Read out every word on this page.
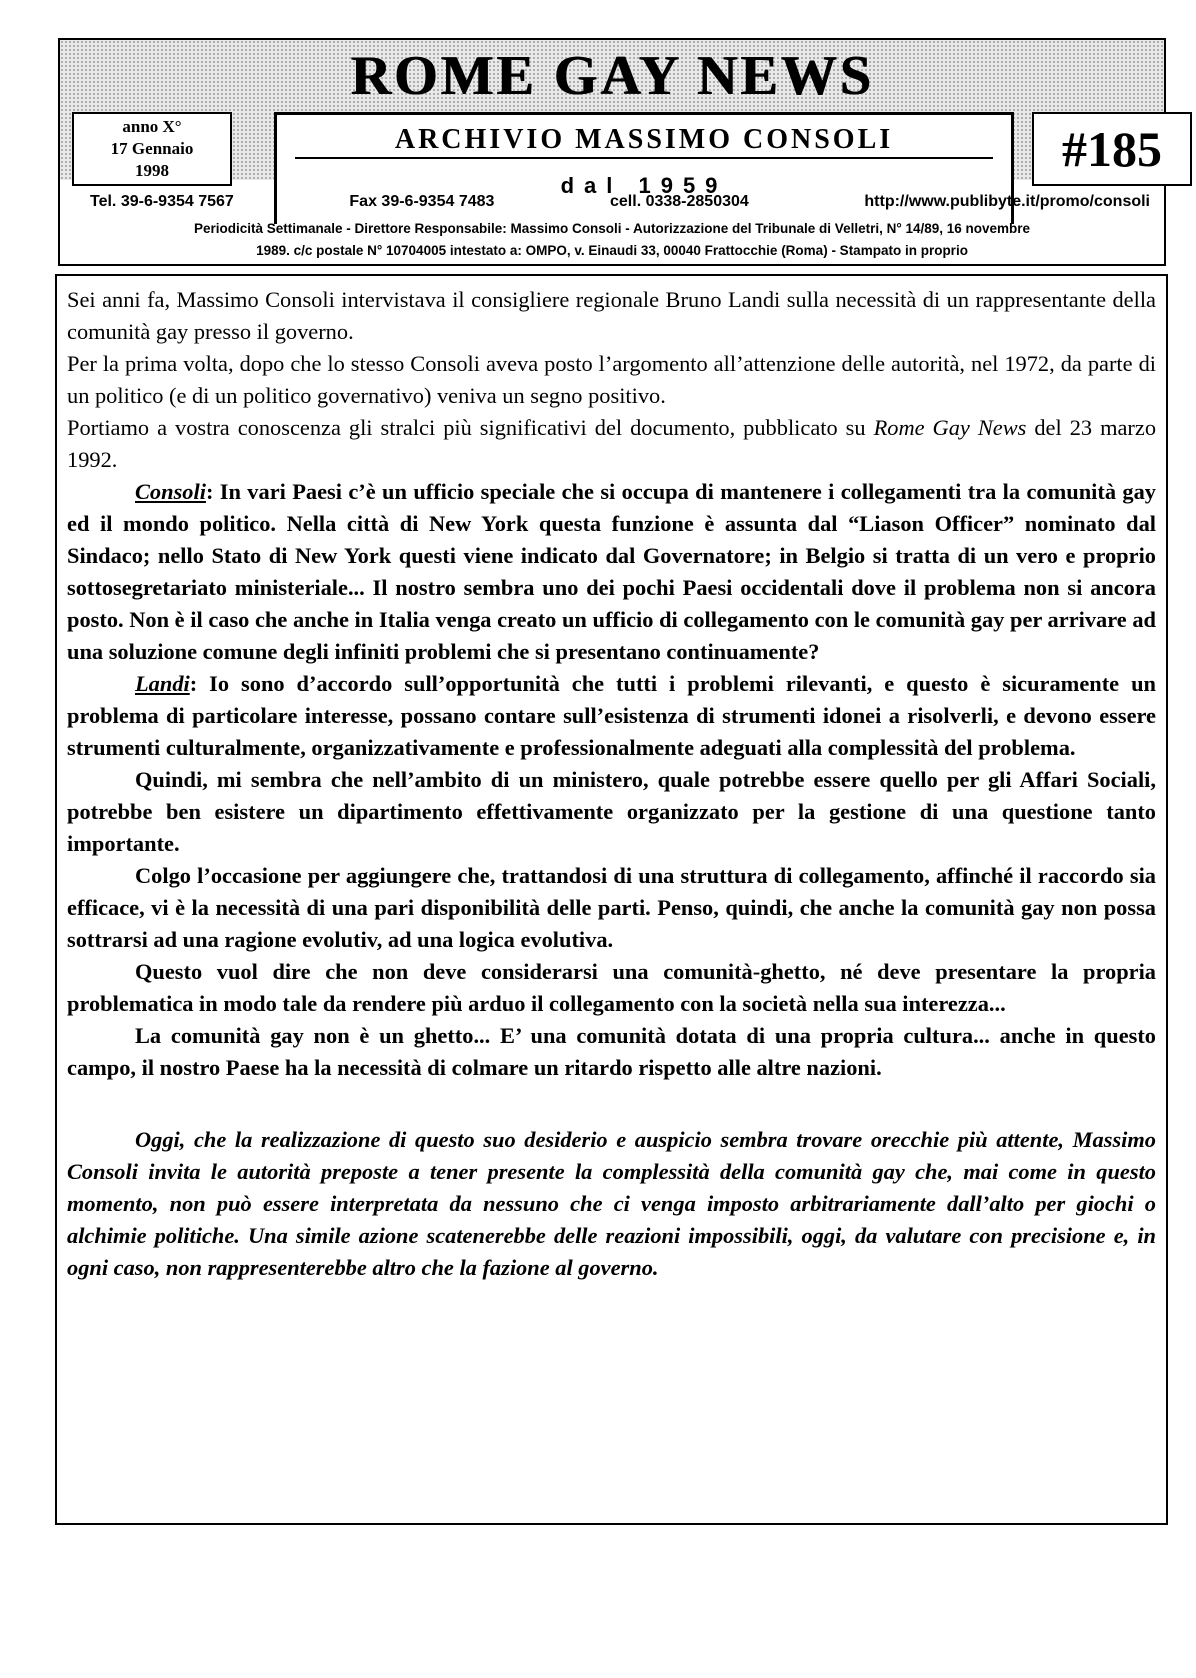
ROME GAY NEWS
anno X°
17 Gennaio
1998
ARCHIVIO MASSIMO CONSOLI
dal 1959
#185
Tel. 39-6-9354 7567	Fax 39-6-9354 7483	cell. 0338-2850304	http://www.publibyte.it/promo/consoli
Periodicità Settimanale - Direttore Responsabile: Massimo Consoli - Autorizzazione del Tribunale di Velletri, N° 14/89, 16 novembre
1989. c/c postale N° 10704005 intestato a: OMPO, v. Einaudi 33, 00040 Frattocchie (Roma) - Stampato in proprio

Sei anni fa, Massimo Consoli intervistava il consigliere regionale Bruno Landi sulla necessità di un rappresentante della comunità gay presso il governo.

Per la prima volta, dopo che lo stesso Consoli aveva posto l’argomento all’attenzione delle autorità, nel 1972, da parte di un politico (e di un politico governativo) veniva un segno positivo.

Portiamo a vostra conoscenza gli stralci più significativi del documento, pubblicato su Rome Gay News del 23 marzo 1992.

Consoli: In vari Paesi c’è un ufficio speciale che si occupa di mantenere i collegamenti tra la comunità gay ed il mondo politico. Nella città di New York questa funzione è assunta dal “Liason Officer” nominato dal Sindaco; nello Stato di New York questi viene indicato dal Governatore; in Belgio si tratta di un vero e proprio sottosegretariato ministeriale... Il nostro sembra uno dei pochi Paesi occidentali dove il problema non si ancora posto. Non è il caso che anche in Italia venga creato un ufficio di collegamento con le comunità gay per arrivare ad una soluzione comune degli infiniti problemi che si presentano continuamente?

Landi: Io sono d’accordo sull’opportunità che tutti i problemi rilevanti, e questo è sicuramente un problema di particolare interesse, possano contare sull’esistenza di strumenti idonei a risolverli, e devono essere strumenti culturalmente, organizzativamente e professionalmente adeguati alla complessità del problema.

Quindi, mi sembra che nell’ambito di un ministero, quale potrebbe essere quello per gli Affari Sociali, potrebbe ben esistere un dipartimento effettivamente organizzato per la gestione di una questione tanto importante.

Colgo l’occasione per aggiungere che, trattandosi di una struttura di collegamento, affinché il raccordo sia efficace, vi è la necessità di una pari disponibilità delle parti. Penso, quindi, che anche la comunità gay non possa sottrarsi ad una ragione evolutiv, ad una logica evolutiva.

Questo vuol dire che non deve considerarsi una comunità-ghetto, né deve presentare la propria problematica in modo tale da rendere più arduo il collegamento con la società nella sua interezza...

La comunità gay non è un ghetto... E’ una comunità dotata di una propria cultura... anche in questo campo, il nostro Paese ha la necessità di colmare un ritardo rispetto alle altre nazioni.

Oggi, che la realizzazione di questo suo desiderio e auspicio sembra trovare orecchie più attente, Massimo Consoli invita le autorità preposte a tener presente la complessità della comunità gay che, mai come in questo momento, non può essere interpretata da nessuno che ci venga imposto arbitrariamente dall’alto per giochi o alchimie politiche. Una simile azione scatenerebbe delle reazioni impossibili, oggi, da valutare con precisione e, in ogni caso, non rappresenterebbe altro che la fazione al governo.
